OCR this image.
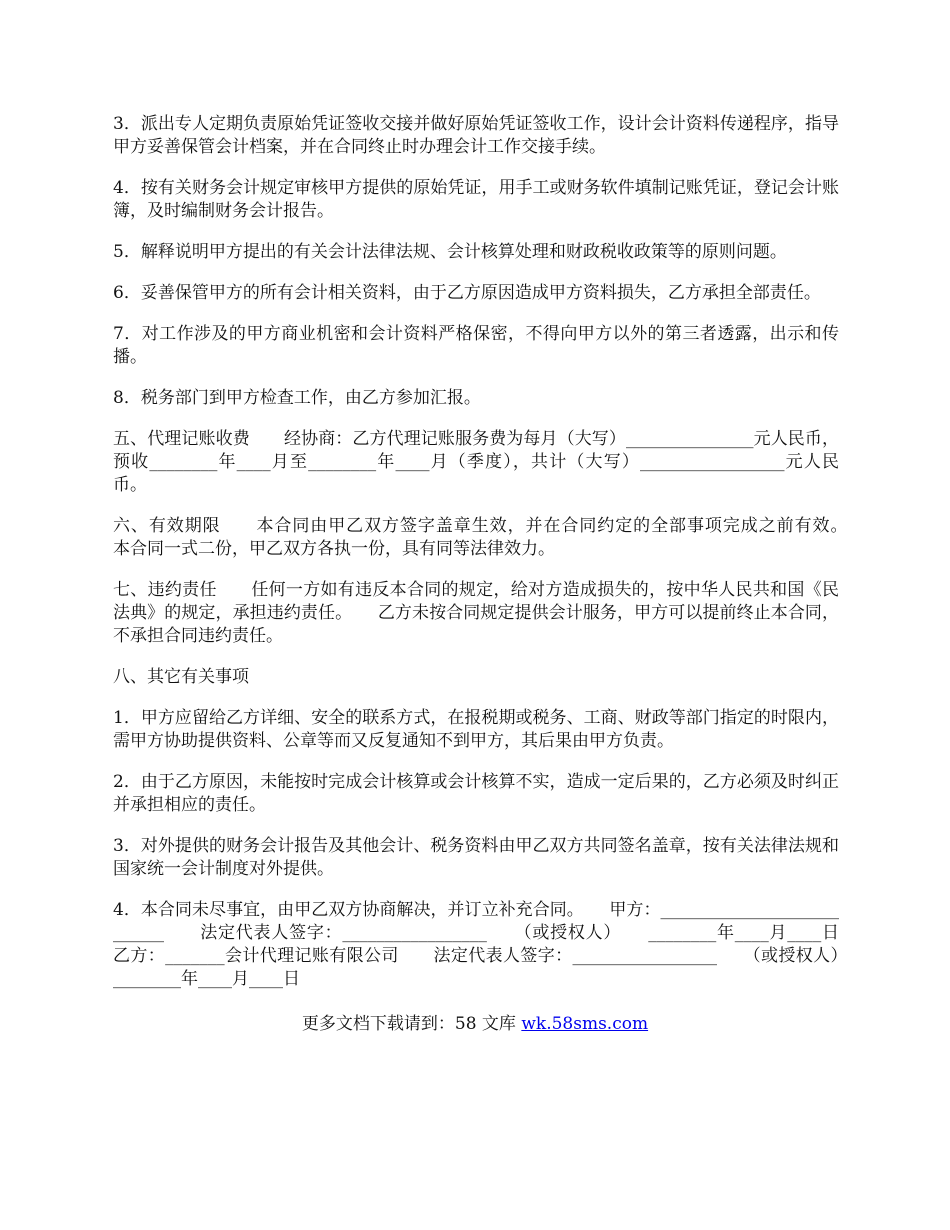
3．派出专人定期负责原始凭证签收交接并做好原始凭证签收工作，设计会计资料传递程序，指导甲方妥善保管会计档案，并在合同终止时办理会计工作交接手续。

4．按有关财务会计规定审核甲方提供的原始凭证，用手工或财务软件填制记账凭证，登记会计账簿，及时编制财务会计报告。

5．解释说明甲方提出的有关会计法律法规、会计核算处理和财政税收政策等的原则问题。

6．妥善保管甲方的所有会计相关资料，由于乙方原因造成甲方资料损失，乙方承担全部责任。

7．对工作涉及的甲方商业机密和会计资料严格保密，不得向甲方以外的第三者透露，出示和传播。

8．税务部门到甲方检查工作，由乙方参加汇报。

五、代理记账收费　　经协商：乙方代理记账服务费为每月（大写）_______________元人民币，预收________年____月至________年____月（季度），共计（大写）_________________元人民币。

六、有效期限　　本合同由甲乙双方签字盖章生效，并在合同约定的全部事项完成之前有效。　　本合同一式二份，甲乙双方各执一份，具有同等法律效力。

七、违约责任　　任何一方如有违反本合同的规定，给对方造成损失的，按中华人民共和国《民法典》的规定，承担违约责任。　　乙方未按合同规定提供会计服务，甲方可以提前终止本合同，不承担合同违约责任。

八、其它有关事项

1．甲方应留给乙方详细、安全的联系方式，在报税期或税务、工商、财政等部门指定的时限内，需甲方协助提供资料、公章等而又反复通知不到甲方，其后果由甲方负责。

2．由于乙方原因，未能按时完成会计核算或会计核算不实，造成一定后果的，乙方必须及时纠正并承担相应的责任。

3．对外提供的财务会计报告及其他会计、税务资料由甲乙双方共同签名盖章，按有关法律法规和国家统一会计制度对外提供。

4．本合同未尽事宜，由甲乙双方协商解决，并订立补充合同。　　甲方：___________________________　　法定代表人签字：_________________　　（或授权人）　　________年____月____日　　乙方：_______会计代理记账有限公司　　法定代表人签字：_________________　　（或授权人）　　________年____月____日

更多文档下载请到：58 文库 wk.58sms.com
